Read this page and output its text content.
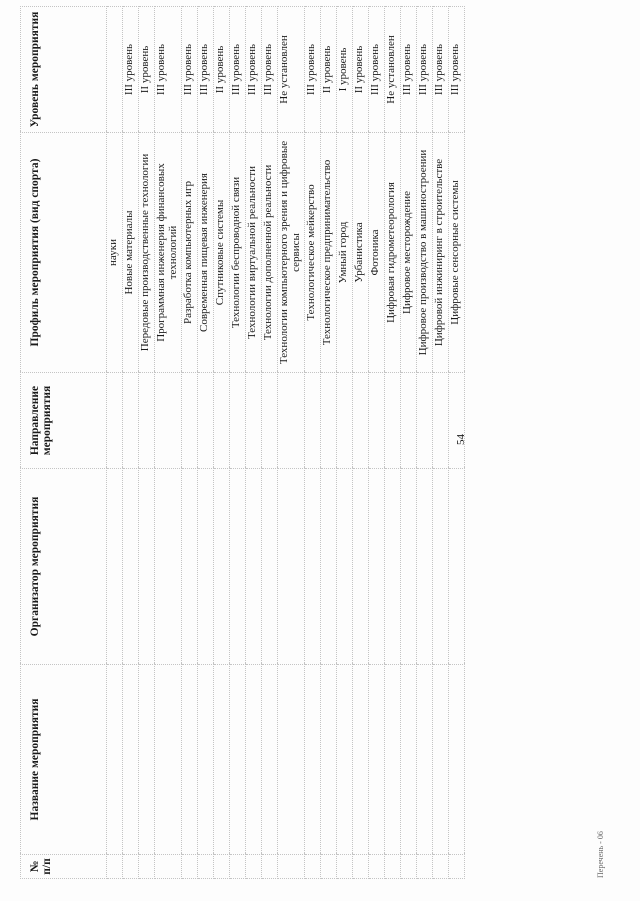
54
№ п/п	Название мероприятия	Организатор мероприятия	Направление мероприятия	Профиль мероприятия (вид спорта)	Уровень мероприятия
				науки	
				Новые материалы	III уровень
				Передовые производственные технологии	II уровень
				Программная инженерия финансовых технологий	III уровень
				Разработка компьютерных игр	III уровень
				Современная пищевая инженерия	III уровень
				Спутниковые системы	II уровень
				Технологии беспроводной связи	III уровень
				Технологии виртуальной реальности	III уровень
				Технологии дополненной реальности	III уровень
				Технологии компьютерного зрения и цифровые сервисы	Не установлен
				Технологическое мейкерство	III уровень
				Технологическое предпринимательство	II уровень
				Умный город	I уровень
				Урбанистика	II уровень
				Фотоника	III уровень
				Цифровая гидрометеорология	Не установлен
				Цифровое месторождение	III уровень
				Цифровое производство в машиностроении	III уровень
				Цифровой инжиниринг в строительстве	III уровень
				Цифровые сенсорные системы	III уровень
Перечень - 06
